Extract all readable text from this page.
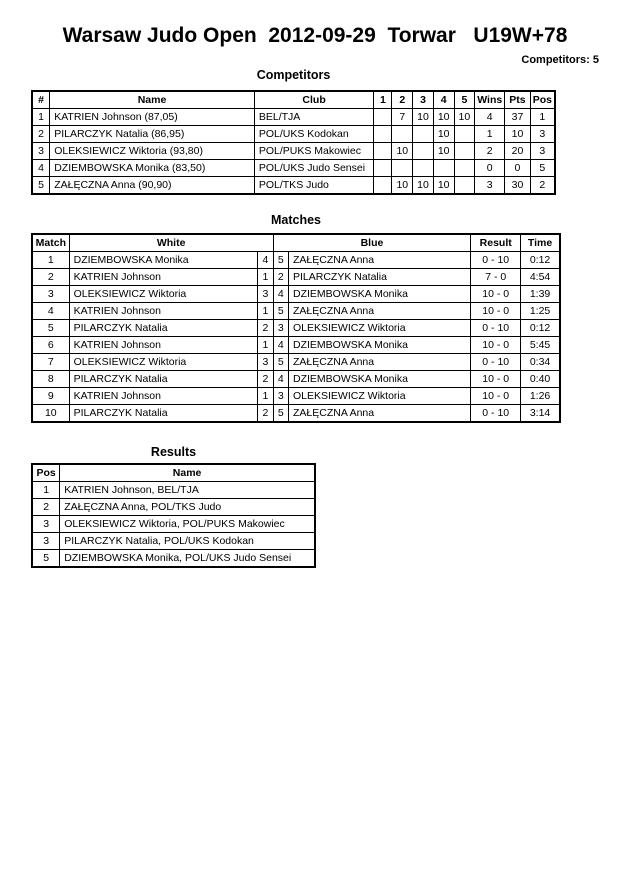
Warsaw Judo Open  2012-09-29  Torwar   U19W+78
Competitors: 5
Competitors
#	Name	Club	1	2	3	4	5	Wins	Pts	Pos
1	KATRIEN Johnson (87,05)	BEL/TJA		7	10	10	10	4	37	1
2	PILARCZYK Natalia (86,95)	POL/UKS Kodokan				10		1	10	3
3	OLEKSIEWICZ Wiktoria (93,80)	POL/PUKS Makowiec		10		10		2	20	3
4	DZIEMBOWSKA Monika (83,50)	POL/UKS Judo Sensei						0	0	5
5	ZAŁĘCZNA Anna (90,90)	POL/TKS Judo		10	10	10		3	30	2
Matches
Match	White		Blue		Result	Time
1	DZIEMBOWSKA Monika	4	5	ZAŁĘCZNA Anna	0 - 10	0:12
2	KATRIEN Johnson	1	2	PILARCZYK Natalia	7 - 0	4:54
3	OLEKSIEWICZ Wiktoria	3	4	DZIEMBOWSKA Monika	10 - 0	1:39
4	KATRIEN Johnson	1	5	ZAŁĘCZNA Anna	10 - 0	1:25
5	PILARCZYK Natalia	2	3	OLEKSIEWICZ Wiktoria	0 - 10	0:12
6	KATRIEN Johnson	1	4	DZIEMBOWSKA Monika	10 - 0	5:45
7	OLEKSIEWICZ Wiktoria	3	5	ZAŁĘCZNA Anna	0 - 10	0:34
8	PILARCZYK Natalia	2	4	DZIEMBOWSKA Monika	10 - 0	0:40
9	KATRIEN Johnson	1	3	OLEKSIEWICZ Wiktoria	10 - 0	1:26
10	PILARCZYK Natalia	2	5	ZAŁĘCZNA Anna	0 - 10	3:14
Results
Pos	Name
1	KATRIEN Johnson, BEL/TJA
2	ZAŁĘCZNA Anna, POL/TKS Judo
3	OLEKSIEWICZ Wiktoria, POL/PUKS Makowiec
3	PILARCZYK Natalia, POL/UKS Kodokan
5	DZIEMBOWSKA Monika, POL/UKS Judo Sensei
